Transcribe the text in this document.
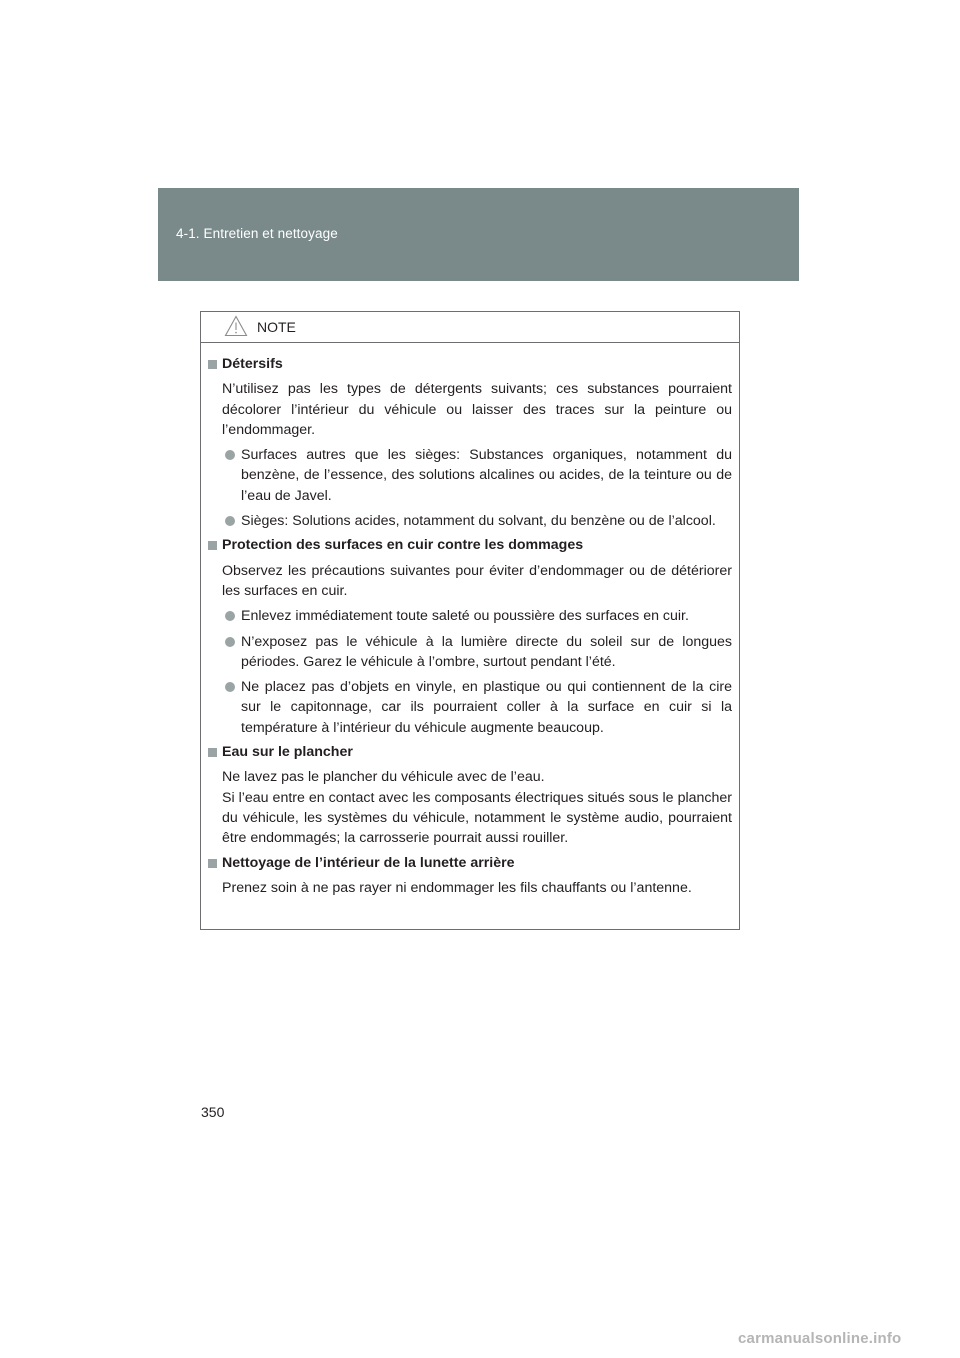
4-1. Entretien et nettoyage
NOTE
Détersifs
N’utilisez pas les types de détergents suivants; ces substances pourraient décolorer l’intérieur du véhicule ou laisser des traces sur la peinture ou l’endommager.
Surfaces autres que les sièges: Substances organiques, notamment du benzène, de l’essence, des solutions alcalines ou acides, de la teinture ou de l’eau de Javel.
Sièges: Solutions acides, notamment du solvant, du benzène ou de l’alcool.
Protection des surfaces en cuir contre les dommages
Observez les précautions suivantes pour éviter d’endommager ou de détériorer les surfaces en cuir.
Enlevez immédiatement toute saleté ou poussière des surfaces en cuir.
N’exposez pas le véhicule à la lumière directe du soleil sur de longues périodes. Garez le véhicule à l’ombre, surtout pendant l’été.
Ne placez pas d’objets en vinyle, en plastique ou qui contiennent de la cire sur le capitonnage, car ils pourraient coller à la surface en cuir si la température à l’intérieur du véhicule augmente beaucoup.
Eau sur le plancher
Ne lavez pas le plancher du véhicule avec de l’eau.
Si l’eau entre en contact avec les composants électriques situés sous le plancher du véhicule, les systèmes du véhicule, notamment le système audio, pourraient être endommagés; la carrosserie pourrait aussi rouiller.
Nettoyage de l’intérieur de la lunette arrière
Prenez soin à ne pas rayer ni endommager les fils chauffants ou l’antenne.
350
carmanualsonline.info
